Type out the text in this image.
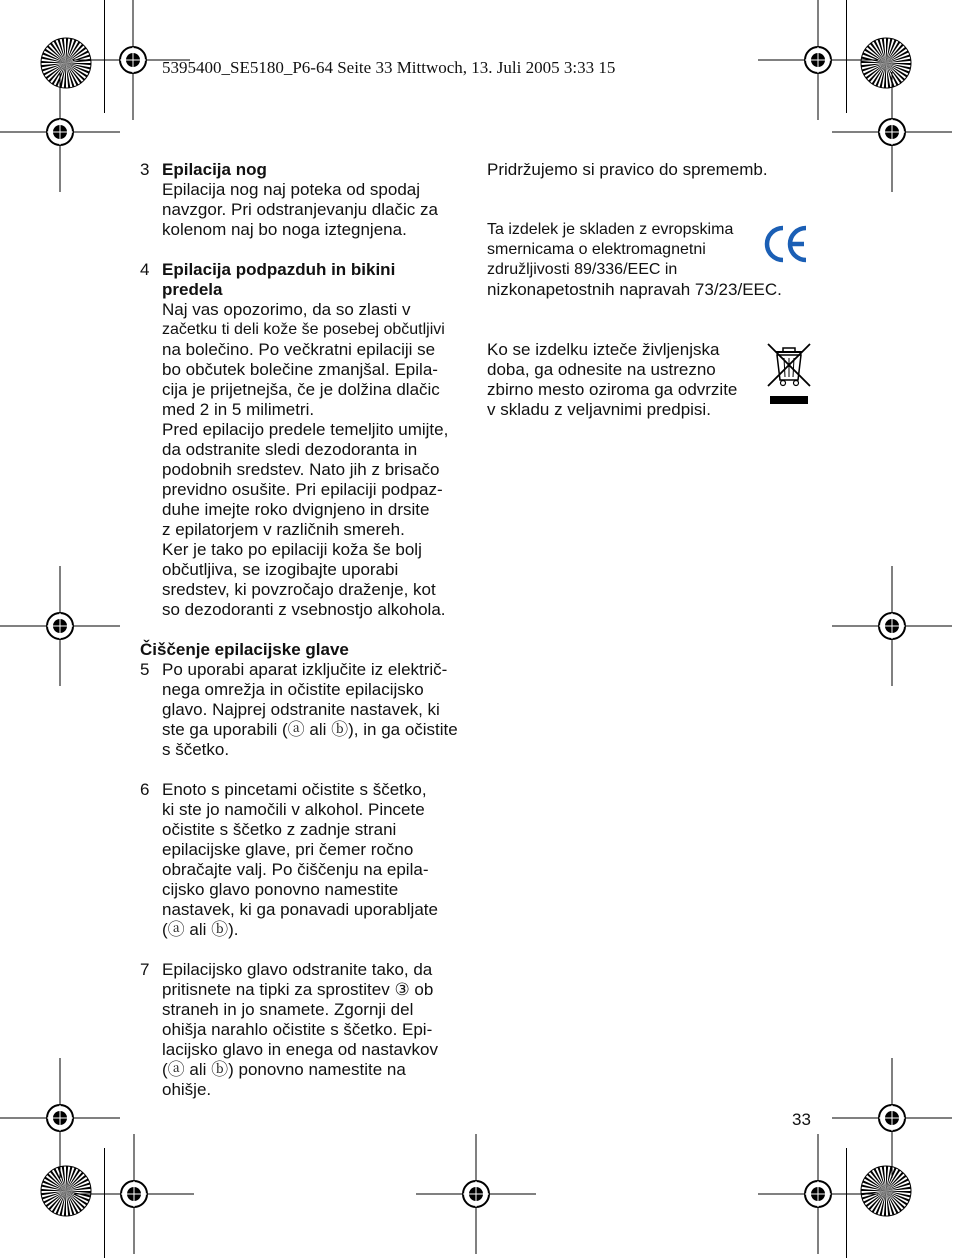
5395400_SE5180_P6-64 Seite 33 Mittwoch, 13. Juli 2005 3:33 15
3 Epilacija nog
Epilacija nog naj poteka od spodaj
navzgor. Pri odstranjevanju dlačic za
kolenom naj bo noga iztegnjena.
4 Epilacija podpazduh in bikini
predela
Naj vas opozorimo, da so zlasti v
začetku ti deli kože še posebej občutljivi
na bolečino. Po večkratni epilaciji se
bo občutek bolečine zmanjšal. Epila-
cija je prijetnejša, če je dolžina dlačic
med 2 in 5 milimetri.
Pred epilacijo predele temeljito umijte,
da odstranite sledi dezodoranta in
podobnih sredstev. Nato jih z brisačo
previdno osušite. Pri epilaciji podpaz-
duhe imejte roko dvignjeno in drsite
z epilatorjem v različnih smereh.
Ker je tako po epilaciji koža še bolj
občutljiva, se izogibajte uporabi
sredstev, ki povzročajo draženje, kot
so dezodoranti z vsebnostjo alkohola.
Čiščenje epilacijske glave
5 Po uporabi aparat izključite iz električ-
nega omrežja in očistite epilacijsko
glavo. Najprej odstranite nastavek, ki
ste ga uporabili (ⓐ ali ⓑ), in ga očistite
s ščetko.
6 Enoto s pincetami očistite s ščetko,
ki ste jo namočili v alkohol. Pincete
očistite s ščetko z zadnje strani
epilacijske glave, pri čemer ročno
obračajte valj. Po čiščenju na epila-
cijsko glavo ponovno namestite
nastavek, ki ga ponavadi uporabljate
(ⓐ ali ⓑ).
7 Epilacijsko glavo odstranite tako, da
pritisnete na tipki za sprostitev ③ ob
straneh in jo snamete. Zgornji del
ohišja narahlo očistite s ščetko. Epi-
lacijsko glavo in enega od nastavkov
(ⓐ ali ⓑ) ponovno namestite na
ohišje.
Pridržujemo si pravico do sprememb.
Ta izdelek je skladen z evropskima
smernicama o elektromagnetni
združljivosti 89/336/EEC in
nizkonapetostnih napravah 73/23/EEC.
CE
Ko se izdelku izteče življenjska
doba, ga odnesite na ustrezno
zbirno mesto oziroma ga odvrzite
v skladu z veljavnimi predpisi.
33
